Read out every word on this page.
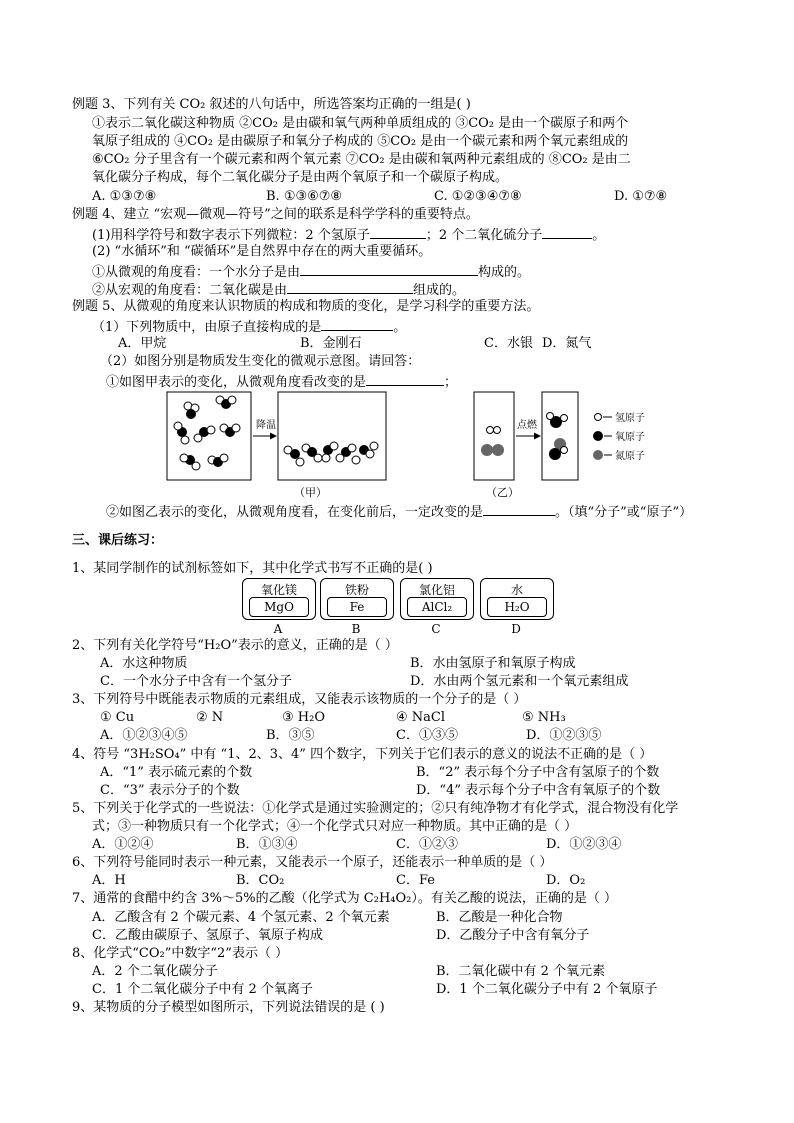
例题 3、下列有关 CO₂ 叙述的八句话中，所选答案均正确的一组是( )
①表示二氧化碳这种物质 ②CO₂ 是由碳和氧气两种单质组成的 ③CO₂ 是由一个碳原子和两个
氧原子组成的 ④CO₂ 是由碳原子和氧分子构成的 ⑤CO₂ 是由一个碳元素和两个氧元素组成的
⑥CO₂ 分子里含有一个碳元素和两个氧元素 ⑦CO₂ 是由碳和氧两种元素组成的 ⑧CO₂ 是由二
氧化碳分子构成，每个二氧化碳分子是由两个氧原子和一个碳原子构成。
A. ①③⑦⑧	B. ①③⑥⑦⑧	C. ①②③④⑦⑧	D. ①⑦⑧
例题 4、建立 “宏观—微观—符号”之间的联系是科学学科的重要特点。
(1)用科学符号和数字表示下列微粒：2 个氢原子	；2 个二氧化硫分子	。
(2) “水循环”和 “碳循环”是自然界中存在的两大重要循环。
①从微观的角度看：一个水分子是由	构成的。
②从宏观的角度看：二氧化碳是由	组成的。
例题 5、从微观的角度来认识物质的构成和物质的变化，是学习科学的重要方法。
（1）下列物质中，由原子直接构成的是	。
A．甲烷	B．金刚石	C．水银 D．氮气
（2）如图分别是物质发生变化的微观示意图。请回答：
①如图甲表示的变化，从微观角度看改变的是	；
降温
（甲）
点燃
（乙）
氢原子
氧原子
氮原子
②如图乙表示的变化，从微观角度看，在变化前后，一定改变的是	。（填“分子”或“原子”）
三、课后练习：
1、某同学制作的试剂标签如下，其中化学式书写不正确的是( )
氧化镁
MgO
铁粉
Fe
氯化铝
AlCl₂
水
H₂O
A	B	C	D
2、下列有关化学符号“H₂O”表示的意义，正确的是（ ）
A．水这种物质	B．水由氢原子和氧原子构成
C．一个水分子中含有一个氢分子	D．水由两个氢元素和一个氧元素组成
3、下列符号中既能表示物质的元素组成，又能表示该物质的一个分子的是（ ）
① Cu	② N	③ H₂O	④ NaCl	⑤ NH₃
A．①②③④⑤	B．③⑤	C．①③⑤	D．①②③⑤
4、符号 “3H₂SO₄” 中有 “1、2、3、4” 四个数字，下列关于它们表示的意义的说法不正确的是（ ）
A．“1” 表示硫元素的个数	B．“2” 表示每个分子中含有氢原子的个数
C．“3” 表示分子的个数	D．“4” 表示每个分子中含有氧原子的个数
5、下列关于化学式的一些说法：①化学式是通过实验测定的；②只有纯净物才有化学式，混合物没有化学
式；③一种物质只有一个化学式；④一个化学式只对应一种物质。其中正确的是（ ）
A．①②④	B．①③④	C．①②③	D．①②③④
6、下列符号能同时表示一种元素，又能表示一个原子，还能表示一种单质的是（ ）
A．H	B．CO₂	C．Fe	D．O₂
7、通常的食醋中约含 3%～5%的乙酸（化学式为 C₂H₄O₂）。有关乙酸的说法，正确的是（ ）
A．乙酸含有 2 个碳元素、4 个氢元素、2 个氧元素	B．乙酸是一种化合物
C．乙酸由碳原子、氢原子、氧原子构成	D．乙酸分子中含有氧分子
8、化学式“CO₂”中数字“2”表示（ ）
A．2 个二氧化碳分子	B．二氧化碳中有 2 个氧元素
C．1 个二氧化碳分子中有 2 个氧离子	D．1 个二氧化碳分子中有 2 个氧原子
9、某物质的分子模型如图所示，下列说法错误的是 ( )
